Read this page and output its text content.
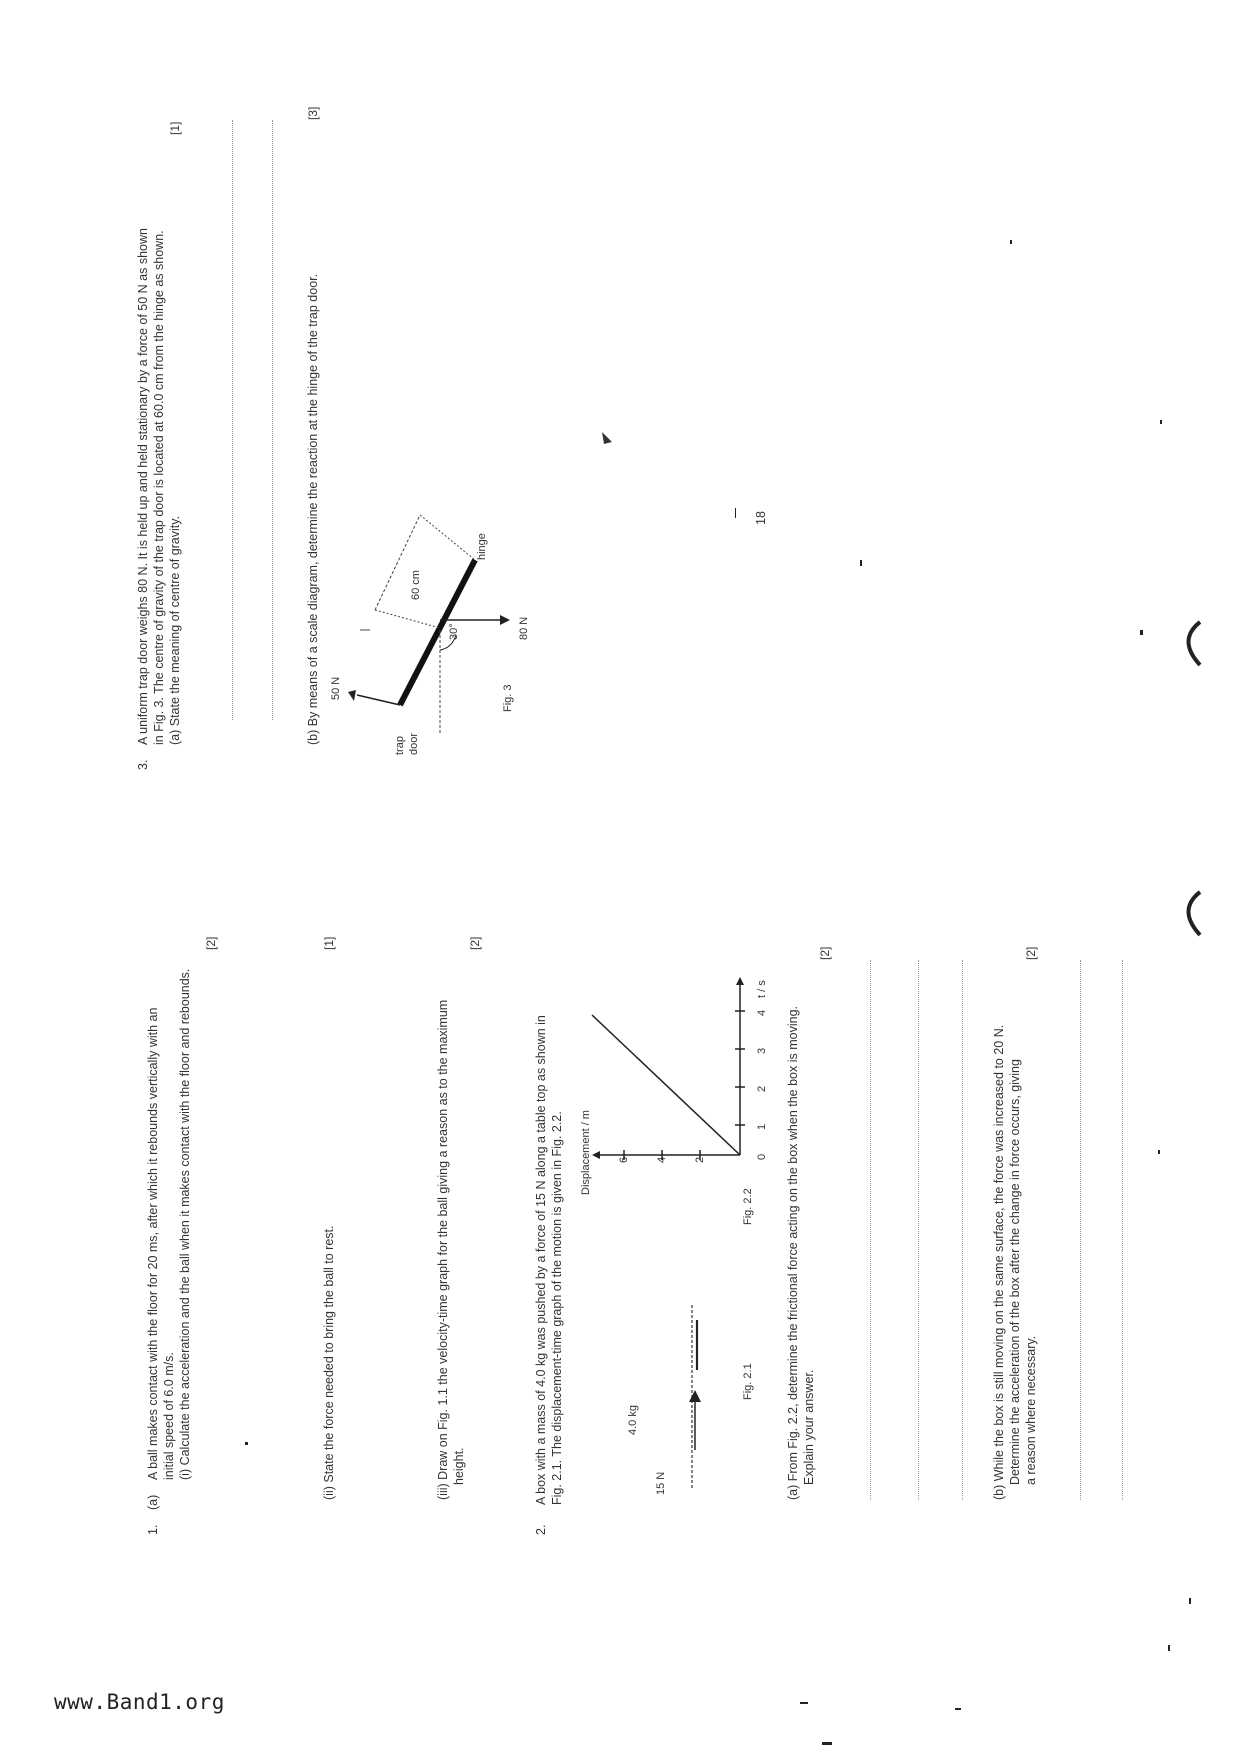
1.
(a)
A ball makes contact with the floor for 20 ms, after which it rebounds vertically with an initial speed of 6.0 m/s. (i) Calculate the acceleration and the ball when it makes contact with the floor and rebounds.
[2]
(ii) State the force needed to bring the ball to rest.
[1]
(iii) Draw on Fig. 1.1 the velocity-time graph for the ball giving a reason as to the maximum height.
[2]
2.
A box with a mass of 4.0 kg was pushed by a force of 15 N along a table top as shown in Fig. 2.1. The displacement-time graph of the motion is given in Fig. 2.2.	15 N
4.0 kg
Fig. 2.1
Displacement / m 6 4 2	0
1
2
3
4
t / s
Fig. 2.2	(a) From Fig. 2.2, determine the frictional force acting on the box when the box is moving. Explain your answer.
[2]
(b) While the box is still moving on the same surface, the force was increased to 20 N. Determine the acceleration of the box after the change in force occurs, giving a reason where necessary.
[2]
3.
A uniform trap door weighs 80 N. It is held up and held stationary by a force of 50 N as shown in Fig. 3. The centre of gravity of the trap door is located at 60.0 cm from the hinge as shown. (a) State the meaning of centre of gravity.
[1]
(b) By means of a scale diagram, determine the reaction at the hinge of the trap door.
[3]
50 N
80 N
60 cm
30°
hinge
trap door
Fig. 3
18
www.Band1.org
